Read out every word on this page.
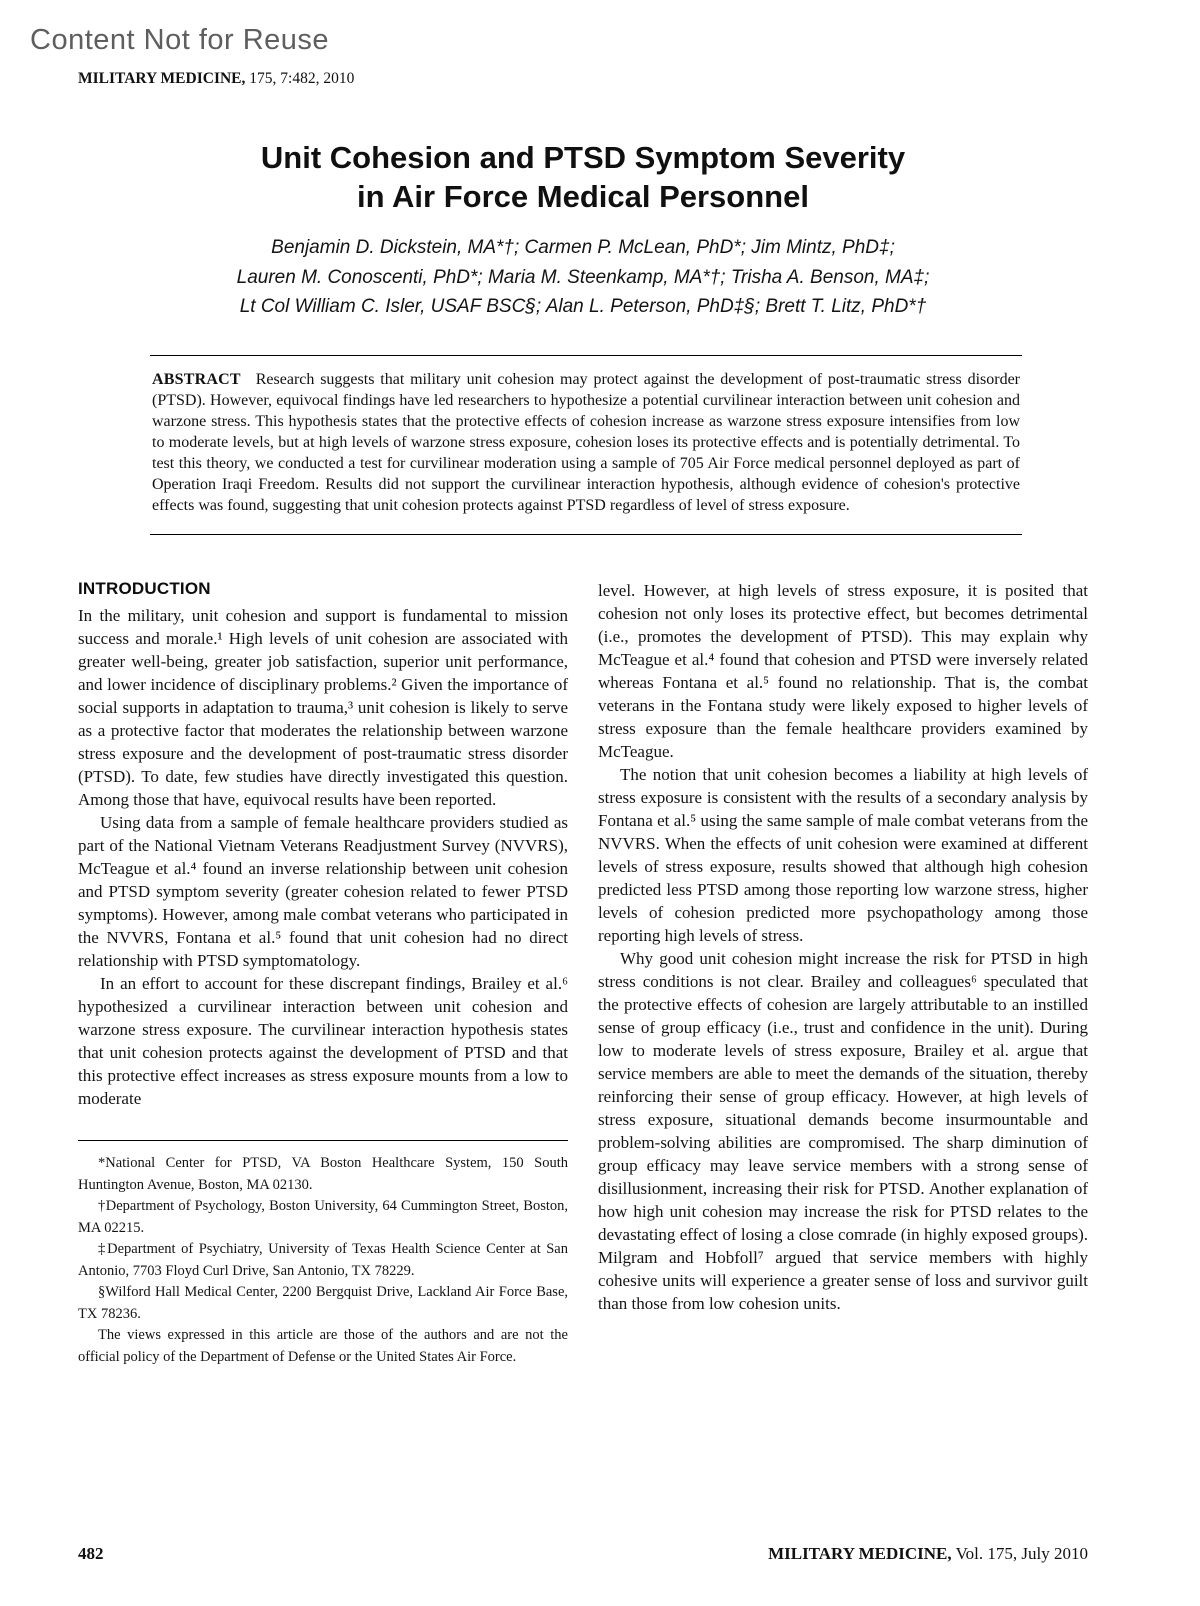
Content Not for Reuse
MILITARY MEDICINE, 175, 7:482, 2010
Unit Cohesion and PTSD Symptom Severity
in Air Force Medical Personnel
Benjamin D. Dickstein, MA*†; Carmen P. McLean, PhD*; Jim Mintz, PhD‡;
Lauren M. Conoscenti, PhD*; Maria M. Steenkamp, MA*†; Trisha A. Benson, MA‡;
Lt Col William C. Isler, USAF BSC§; Alan L. Peterson, PhD‡§; Brett T. Litz, PhD*†

ABSTRACT Research suggests that military unit cohesion may protect against the development of post-traumatic stress disorder (PTSD). However, equivocal findings have led researchers to hypothesize a potential curvilinear interaction between unit cohesion and warzone stress. This hypothesis states that the protective effects of cohesion increase as warzone stress exposure intensifies from low to moderate levels, but at high levels of warzone stress exposure, cohesion loses its protective effects and is potentially detrimental. To test this theory, we conducted a test for curvilinear moderation using a sample of 705 Air Force medical personnel deployed as part of Operation Iraqi Freedom. Results did not support the curvilinear interaction hypothesis, although evidence of cohesion's protective effects was found, suggesting that unit cohesion protects against PTSD regardless of level of stress exposure.

INTRODUCTION

In the military, unit cohesion and support is fundamental to mission success and morale.¹ High levels of unit cohesion are associated with greater well-being, greater job satisfaction, superior unit performance, and lower incidence of disciplinary problems.² Given the importance of social supports in adaptation to trauma,³ unit cohesion is likely to serve as a protective factor that moderates the relationship between warzone stress exposure and the development of post-traumatic stress disorder (PTSD). To date, few studies have directly investigated this question. Among those that have, equivocal results have been reported.

Using data from a sample of female healthcare providers studied as part of the National Vietnam Veterans Readjustment Survey (NVVRS), McTeague et al.⁴ found an inverse relationship between unit cohesion and PTSD symptom severity (greater cohesion related to fewer PTSD symptoms). However, among male combat veterans who participated in the NVVRS, Fontana et al.⁵ found that unit cohesion had no direct relationship with PTSD symptomatology.

In an effort to account for these discrepant findings, Brailey et al.⁶ hypothesized a curvilinear interaction between unit cohesion and warzone stress exposure. The curvilinear interaction hypothesis states that unit cohesion protects against the development of PTSD and that this protective effect increases as stress exposure mounts from a low to moderate

*National Center for PTSD, VA Boston Healthcare System, 150 South Huntington Avenue, Boston, MA 02130.

†Department of Psychology, Boston University, 64 Cummington Street, Boston, MA 02215.

‡Department of Psychiatry, University of Texas Health Science Center at San Antonio, 7703 Floyd Curl Drive, San Antonio, TX 78229.

§Wilford Hall Medical Center, 2200 Bergquist Drive, Lackland Air Force Base, TX 78236.

The views expressed in this article are those of the authors and are not the official policy of the Department of Defense or the United States Air Force.

level. However, at high levels of stress exposure, it is posited that cohesion not only loses its protective effect, but becomes detrimental (i.e., promotes the development of PTSD). This may explain why McTeague et al.⁴ found that cohesion and PTSD were inversely related whereas Fontana et al.⁵ found no relationship. That is, the combat veterans in the Fontana study were likely exposed to higher levels of stress exposure than the female healthcare providers examined by McTeague.

The notion that unit cohesion becomes a liability at high levels of stress exposure is consistent with the results of a secondary analysis by Fontana et al.⁵ using the same sample of male combat veterans from the NVVRS. When the effects of unit cohesion were examined at different levels of stress exposure, results showed that although high cohesion predicted less PTSD among those reporting low warzone stress, higher levels of cohesion predicted more psychopathology among those reporting high levels of stress.

Why good unit cohesion might increase the risk for PTSD in high stress conditions is not clear. Brailey and colleagues⁶ speculated that the protective effects of cohesion are largely attributable to an instilled sense of group efficacy (i.e., trust and confidence in the unit). During low to moderate levels of stress exposure, Brailey et al. argue that service members are able to meet the demands of the situation, thereby reinforcing their sense of group efficacy. However, at high levels of stress exposure, situational demands become insurmountable and problem-solving abilities are compromised. The sharp diminution of group efficacy may leave service members with a strong sense of disillusionment, increasing their risk for PTSD. Another explanation of how high unit cohesion may increase the risk for PTSD relates to the devastating effect of losing a close comrade (in highly exposed groups). Milgram and Hobfoll⁷ argued that service members with highly cohesive units will experience a greater sense of loss and survivor guilt than those from low cohesion units.

482	MILITARY MEDICINE, Vol. 175, July 2010
